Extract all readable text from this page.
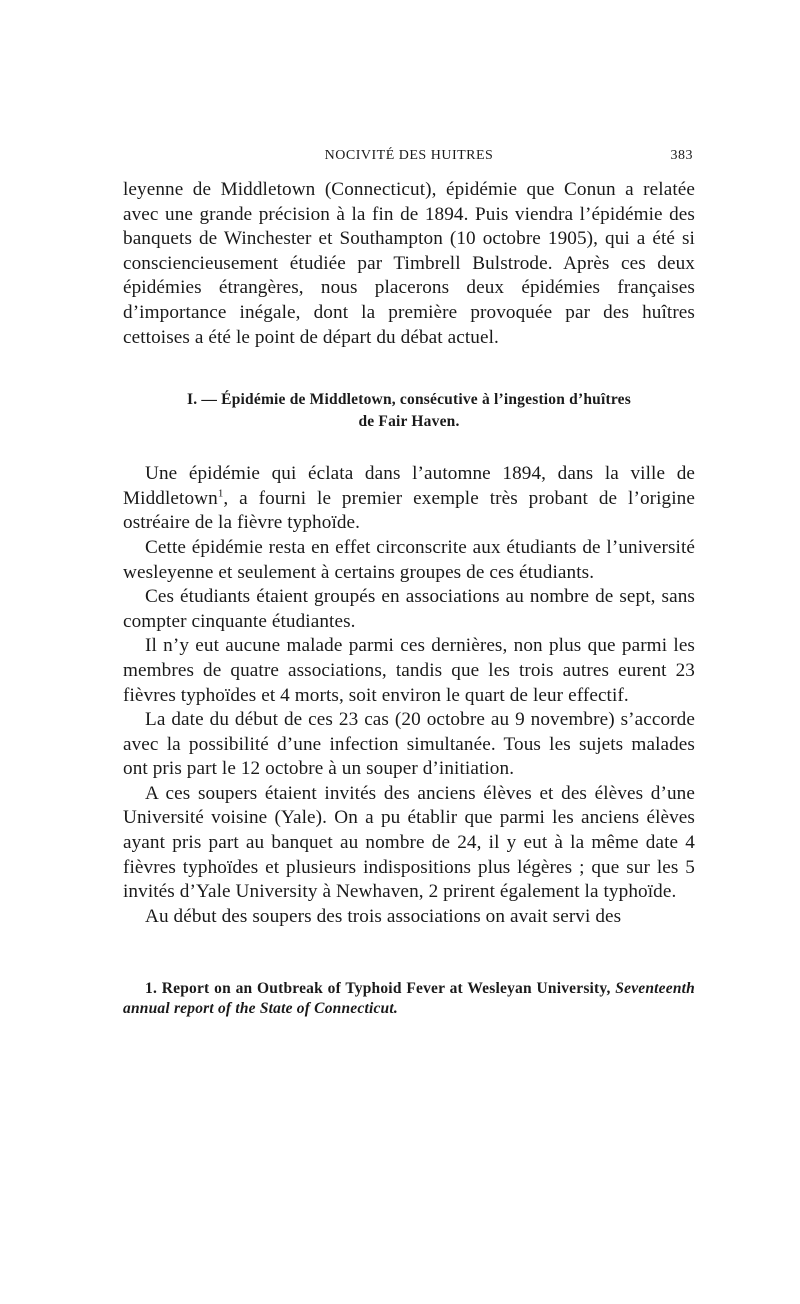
NOCIVITÉ DES HUITRES	383

leyenne de Middletown (Connecticut), épidémie que Conun a relatée avec une grande précision à la fin de 1894. Puis viendra l’épidémie des banquets de Winchester et Southampton (10 octobre 1905), qui a été si consciencieusement étudiée par Timbrell Bulstrode. Après ces deux épidémies étrangères, nous placerons deux épidémies françaises d’importance inégale, dont la première provoquée par des huîtres cettoises a été le point de départ du débat actuel.

I. — Épidémie de Middletown, consécutive à l’ingestion d’huîtres
de Fair Haven.

Une épidémie qui éclata dans l’automne 1894, dans la ville de Middletown$^1$, a fourni le premier exemple très probant de l’origine ostréaire de la fièvre typhoïde.

Cette épidémie resta en effet circonscrite aux étudiants de l’université wesleyenne et seulement à certains groupes de ces étudiants.

Ces étudiants étaient groupés en associations au nombre de sept, sans compter cinquante étudiantes.

Il n’y eut aucune malade parmi ces dernières, non plus que parmi les membres de quatre associations, tandis que les trois autres eurent 23 fièvres typhoïdes et 4 morts, soit environ le quart de leur effectif.

La date du début de ces 23 cas (20 octobre au 9 novembre) s’accorde avec la possibilité d’une infection simultanée. Tous les sujets malades ont pris part le 12 octobre à un souper d’initiation.

A ces soupers étaient invités des anciens élèves et des élèves d’une Université voisine (Yale). On a pu établir que parmi les anciens élèves ayant pris part au banquet au nombre de 24, il y eut à la même date 4 fièvres typhoïdes et plusieurs indispositions plus légères ; que sur les 5 invités d’Yale University à Newhaven, 2 prirent également la typhoïde.

Au début des soupers des trois associations on avait servi des

1. Report on an Outbreak of Typhoid Fever at Wesleyan University, Seventeenth annual report of the State of Connecticut.
